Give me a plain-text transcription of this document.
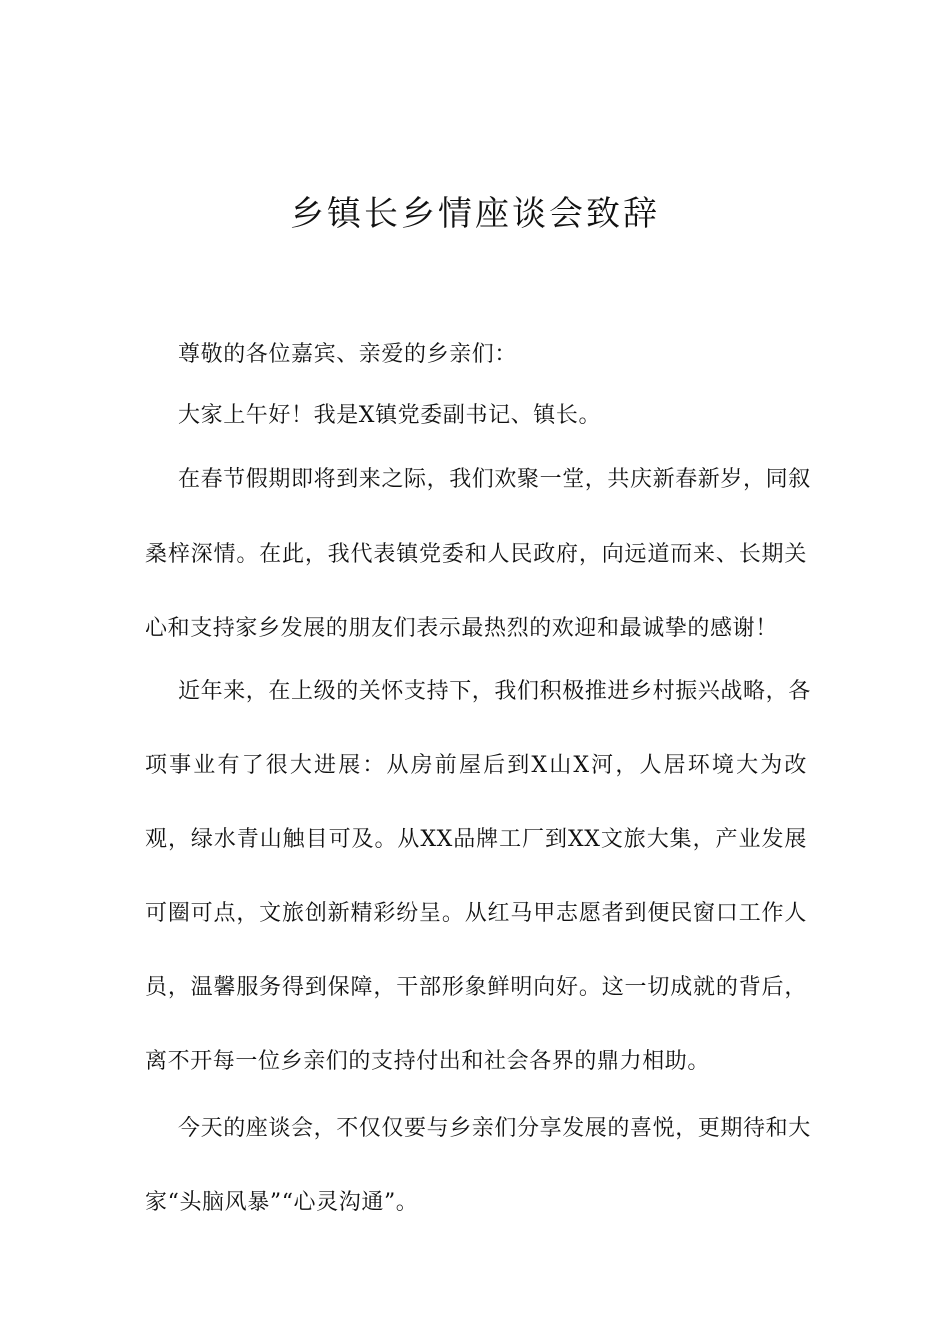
乡镇长乡情座谈会致辞
尊敬的各位嘉宾、亲爱的乡亲们：
大家上午好！我是X镇党委副书记、镇长。
在春节假期即将到来之际，我们欢聚一堂，共庆新春新岁，同叙
桑梓深情。在此，我代表镇党委和人民政府，向远道而来、长期关
心和支持家乡发展的朋友们表示最热烈的欢迎和最诚挚的感谢！
近年来，在上级的关怀支持下，我们积极推进乡村振兴战略，各
项事业有了很大进展：从房前屋后到X山X河，人居环境大为改
观，绿水青山触目可及。从XX品牌工厂到XX文旅大集，产业发展
可圈可点，文旅创新精彩纷呈。从红马甲志愿者到便民窗口工作人
员，温馨服务得到保障，干部形象鲜明向好。这一切成就的背后，
离不开每一位乡亲们的支持付出和社会各界的鼎力相助。
今天的座谈会，不仅仅要与乡亲们分享发展的喜悦，更期待和大
家“头脑风暴”“心灵沟通”。
